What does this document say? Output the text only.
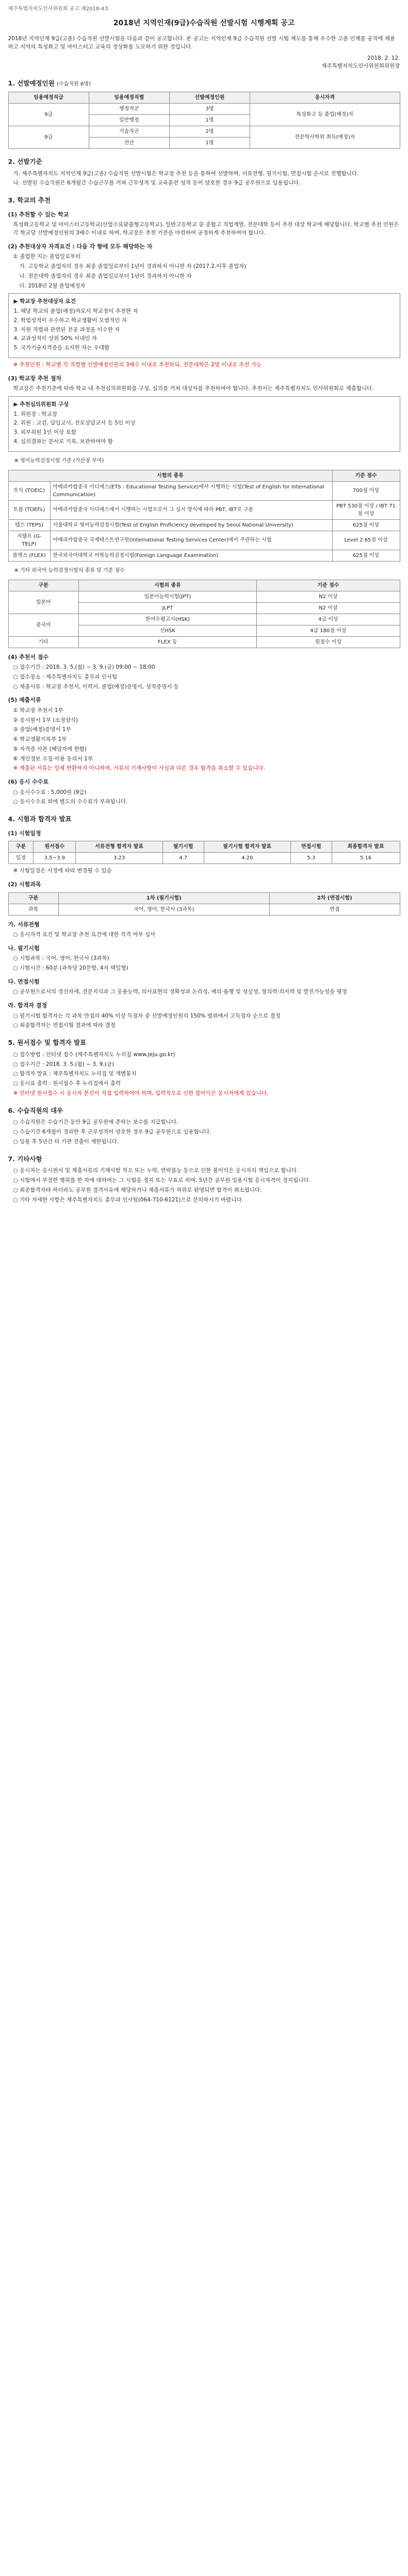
제주특별자치도인사위원회 공고 제2018-4호
2018년 지역인재(9급)수습직원 선발시험 시행계획 공고

2018년 지역인재 9급(고졸) 수습직원 선발시험을 다음과 같이 공고합니다. 본 공고는 지역인재 9급 수습직원 선발 시험 제도를 통해 우수한 고졸 인재를 공직에 채용하고 지역의 특성화고 및 마이스터고 교육의 정상화를 도모하기 위한 것입니다.

2018. 2. 12.
제주특별자치도인사위원회위원장
1. 선발예정인원 (수습직원 6명)
임용예정직급	임용예정직렬	선발예정인원	응시자격
9급	행정직군	3명	특성화고 등 졸업(예정)자
	일반행정	1명	
9급	기술직군	2명	전문학사학위 취득(예정)자
	전산	1명	
2. 선발기준

가. 제주특별자치도 지역인재 9급(고졸) 수습직원 선발시험은 학교장 추천 등을 통하여 선발하며, 서류전형, 필기시험, 면접시험 순서로 진행합니다.

나. 선발된 수습직원은 6개월간 수습근무를 거쳐 근무성적 및 교육훈련 성적 등이 양호한 경우 9급 공무원으로 임용됩니다.

3. 학교의 추천
(1) 추천할 수 있는 학교

특성화고등학교 및 마이스터고등학교(산업수요맞춤형고등학교), 일반고등학교 중 종합고 직업계열, 전문대학 등이 추천 대상 학교에 해당합니다. 학교별 추천 인원은 각 학교당 선발예정인원의 3배수 이내로 하며, 학교장은 추천 기준을 마련하여 공정하게 추천하여야 합니다.

(2) 추천대상자 자격요건 : 다음 각 항에 모두 해당하는 자

① 졸업한 지는 졸업일로부터

가. 고등학교 졸업자의 경우 최종 졸업일로부터 1년이 경과하지 아니한 자 (2017.2.이후 졸업자)

나. 전문대학 졸업자의 경우 최종 졸업일로부터 1년이 경과하지 아니한 자

다. 2018년 2월 졸업예정자

▶ 학교장 추천대상자 요건
1. 해당 학교의 졸업(예정)자로서 학교장이 추천한 자
2. 학업성적이 우수하고 학교생활이 모범적인 자
3. 지원 직렬과 관련된 전공 과정을 이수한 자
4. 교과성적이 상위 50% 이내인 자
5. 국가기술자격증을 소지한 자는 우대함

※ 추천인원 : 학교별 각 직렬별 선발예정인원의 3배수 이내로 추천하되, 전문대학은 2명 이내로 추천 가능

(3) 학교장 추천 절차

학교장은 추천기준에 따라 학교 내 추천심의위원회를 구성, 심의를 거쳐 대상자를 추천하여야 합니다. 추천서는 제주특별자치도 인사위원회로 제출합니다.

▶ 추천심의위원회 구성
1. 위원장 : 학교장
2. 위원 : 교감, 담임교사, 진로상담교사 등 5인 이상
3. 외부위원 1인 이상 포함
4. 심의결과는 문서로 기록, 보관하여야 함

※ 영어능력검정시험 기준 (가산점 부여)

시험의 종류		기준 점수
토익 (TOEIC)	아메리카합중국 이디에스(ETS : Educational Testing Service)에서 시행하는 시험(Test of English for International Communication)	700점 이상
토플 (TOEFL)	아메리카합중국 이디에스에서 시행하는 시험으로서 그 실시 방식에 따라 PBT, IBT로 구분	PBT 530점 이상 / IBT 71점 이상
텝스 (TEPS)	서울대학교 영어능력검정시험(Test of English Proficiency developed by Seoul National University)	625점 이상
지텔프 (G-TELP)	아메리카합중국 국제테스트연구원(International Testing Services Center)에서 주관하는 시험	Level 2 65점 이상
플렉스 (FLEX)	한국외국어대학교 어학능력검정시험(Foreign Language Examination)	625점 이상

※ 기타 외국어 능력검정시험의 종류 및 기준 점수

구분	시험의 종류	기준 점수
일본어	일본어능력시험(JPT)	N2 이상
	JLPT	N2 이상
중국어	한어수평고시(HSK)	4급 이상
	신HSK	4급 180점 이상
기타	FLEX 등	원점수 이상
(4) 추천서 접수

○ 접수기간 : 2018. 3. 5.(월) ~ 3. 9.(금) 09:00 ~ 18:00

○ 접수장소 : 제주특별자치도 총무과 인사팀

○ 제출서류 : 학교장 추천서, 이력서, 졸업(예정)증명서, 성적증명서 등

(5) 제출서류

① 학교장 추천서 1부

② 응시원서 1부 (소정양식)

③ 졸업(예정)증명서 1부

④ 학교생활기록부 1부

⑤ 자격증 사본 (해당자에 한함)

⑥ 개인정보 수집·이용 동의서 1부

※ 제출된 서류는 일체 반환하지 아니하며, 서류의 기재사항이 사실과 다른 경우 합격을 취소할 수 있습니다.

(6) 응시 수수료

○ 응시수수료 : 5,000원 (9급)

○ 응시수수료 외에 별도의 수수료가 부과됩니다.

4. 시험과 합격자 발표
(1) 시험일정
구분	원서접수	서류전형 합격자 발표	필기시험	필기시험 합격자 발표	면접시험	최종합격자 발표
일정	3.5~3.9	3.23	4.7	4.20	5.3	5.16

※ 시험일정은 사정에 따라 변경될 수 있음

(2) 시험과목
구분	1차 (필기시험)	2차 (면접시험)
과목	국어, 영어, 한국사 (3과목)	면접
가. 서류전형

○ 응시자격 요건 및 학교장 추천 요건에 대한 적격 여부 심사

나. 필기시험

○ 시험과목 : 국어, 영어, 한국사 (3과목)

○ 시험시간 : 60분 (과목당 20문항, 4지 택일형)

다. 면접시험

○ 공무원으로서의 정신자세, 전문지식과 그 응용능력, 의사표현의 정확성과 논리성, 예의·품행 및 성실성, 창의력·의지력 및 발전가능성을 평정

라. 합격자 결정

○ 필기시험 합격자는 각 과목 만점의 40% 이상 득점자 중 선발예정인원의 150% 범위에서 고득점자 순으로 결정

○ 최종합격자는 면접시험 결과에 따라 결정

5. 원서접수 및 합격자 발표

○ 접수방법 : 인터넷 접수 (제주특별자치도 누리집 www.jeju.go.kr)

○ 접수기간 : 2018. 3. 5.(월) ~ 3. 9.(금)

○ 합격자 발표 : 제주특별자치도 누리집 및 개별통지

○ 응시표 출력 : 원서접수 후 누리집에서 출력

※ 인터넷 원서접수 시 응시자 본인이 직접 입력하여야 하며, 입력착오로 인한 불이익은 응시자에게 있습니다.

6. 수습직원의 대우

○ 수습직원은 수습기간 동안 9급 공무원에 준하는 보수를 지급합니다.

○ 수습기간 6개월이 경과한 후 근무성적이 양호한 경우 9급 공무원으로 임용합니다.

○ 임용 후 5년간 타 기관 전출이 제한됩니다.

7. 기타사항

○ 응시자는 응시원서 및 제출서류의 기재사항 착오 또는 누락, 연락불능 등으로 인한 불이익은 응시자의 책임으로 합니다.

○ 시험에서 부정한 행위를 한 자에 대하여는 그 시험을 정지 또는 무효로 하며, 5년간 공무원 임용시험 응시자격이 정지됩니다.

○ 최종합격자라 하더라도 공무원 결격사유에 해당하거나 제출서류가 허위로 판명되면 합격이 취소됩니다.

○ 기타 자세한 사항은 제주특별자치도 총무과 인사팀(064-710-6121)으로 문의하시기 바랍니다.
